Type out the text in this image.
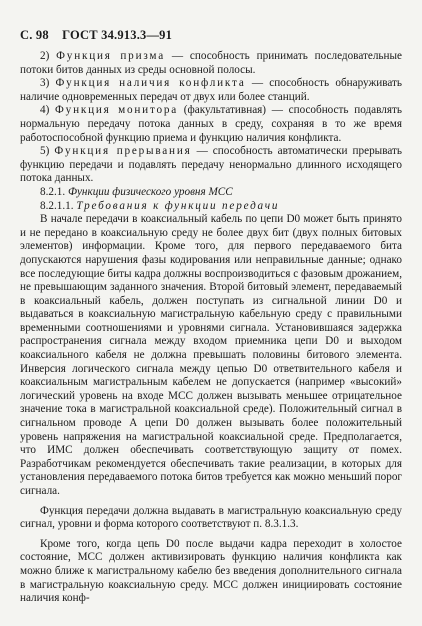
С. 98 ГОСТ 34.913.3—91

2) Функция призма — способность принимать последовательные потоки битов данных из среды основной полосы.

3) Функция наличия конфликта — способность обнаруживать наличие одновременных передач от двух или более станций.

4) Функция монитора (факультативная) — способность подавлять нормальную передачу потока данных в среду, сохраняя в то же время работоспособной функцию приема и функцию наличия конфликта.

5) Функция прерывания — способность автоматически прерывать функцию передачи и подавлять передачу ненормально длинного исходящего потока данных.

8.2.1. Функции физического уровня МСС

8.2.1.1. Требования к функции передачи

В начале передачи в коаксиальный кабель по цепи D0 может быть принято и не передано в коаксиальную среду не более двух бит (двух полных битовых элементов) информации. Кроме того, для первого передаваемого бита допускаются нарушения фазы кодирования или неправильные данные; однако все последующие биты кадра должны воспроизводиться с фазовым дрожанием, не превышающим заданного значения. Второй битовый элемент, передаваемый в коаксиальный кабель, должен поступать из сигнальной линии D0 и выдаваться в коаксиальную магистральную кабельную среду с правильными временными соотношениями и уровнями сигнала. Установившаяся задержка распространения сигнала между входом приемника цепи D0 и выходом коаксиального кабеля не должна превышать половины битового элемента. Инверсия логического сигнала между цепью D0 ответвительного кабеля и коаксиальным магистральным кабелем не допускается (например «высокий» логический уровень на входе МСС должен вызывать меньшее отрицательное значение тока в магистральной коаксиальной среде). Положительный сигнал в сигнальном проводе А цепи D0 должен вызывать более положительный уровень напряжения на магистральной коаксиальной среде. Предполагается, что ИМС должен обеспечивать соответствующую защиту от помех. Разработчикам рекомендуется обеспечивать такие реализации, в которых для установления передаваемого потока битов требуется как можно меньший порог сигнала.

Функция передачи должна выдавать в магистральную коаксиальную среду сигнал, уровни и форма которого соответствуют п. 8.3.1.3.

Кроме того, когда цепь D0 после выдачи кадра переходит в холостое состояние, МСС должен активизировать функцию наличия конфликта как можно ближе к магистральному кабелю без введения дополнительного сигнала в магистральную коаксиальную среду. МСС должен инициировать состояние наличия конф-
